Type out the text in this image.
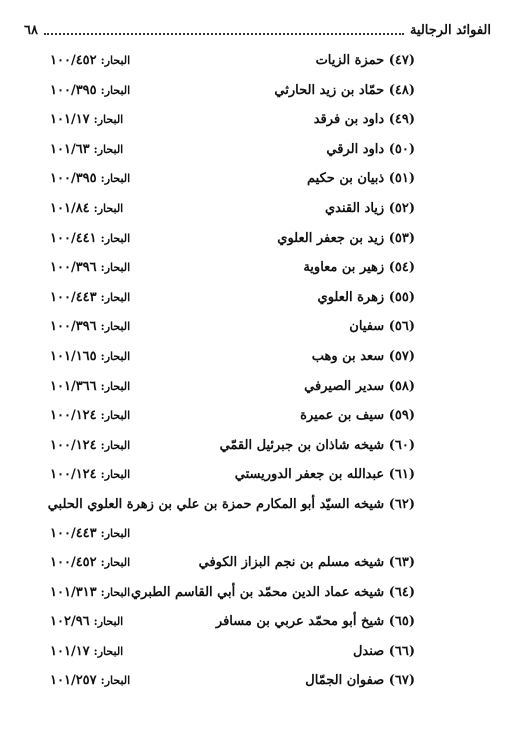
الفوائد الرجالية
٦٨
(٤٧) حمزة الزيات
البحار:١٠٠/٤٥٢
(٤٨) حمّاد بن زيد الحارثي
البحار:١٠٠/٣٩٥
(٤٩) داود بن فرقد
البحار:١٠١/١٧
(٥٠) داود الرقي
البحار:١٠١/٦٣
(٥١) ذبيان بن حكيم
البحار:١٠٠/٣٩٥
(٥٢) زياد القندي
البحار:١٠١/٨٤
(٥٣) زيد بن جعفر العلوي
البحار:١٠٠/٤٤١
(٥٤) زهير بن معاوية
البحار:١٠٠/٣٩٦
(٥٥) زهرة العلوي
البحار:١٠٠/٤٤٣
(٥٦) سفيان
البحار:١٠٠/٣٩٦
(٥٧) سعد بن وهب
البحار:١٠١/١٦٥
(٥٨) سدير الصيرفي
البحار:١٠١/٣٦٦
(٥٩) سيف بن عميرة
البحار:١٠٠/١٢٤
(٦٠) شيخه شاذان بن جبرئيل القمّي
البحار:١٠٠/١٢٤
(٦١) عبدالله بن جعفر الدوريستي
البحار:١٠٠/١٢٤
(٦٢) شيخه السيّد أبو المكارم حمزة بن علي بن زهرة العلوي الحلبي
البحار:١٠٠/٤٤٣
(٦٣) شيخه مسلم بن نجم البزاز الكوفي
البحار:١٠٠/٤٥٢
(٦٤) شيخه عماد الدين محمّد بن أبي القاسم الطبري
البحار:١٠١/٣١٣
(٦٥) شيخ أبو محمّد عربي بن مسافر
البحار:١٠٢/٩٦
(٦٦) صندل
البحار:١٠١/١٧
(٦٧) صفوان الجمّال
البحار:١٠١/٢٥٧
